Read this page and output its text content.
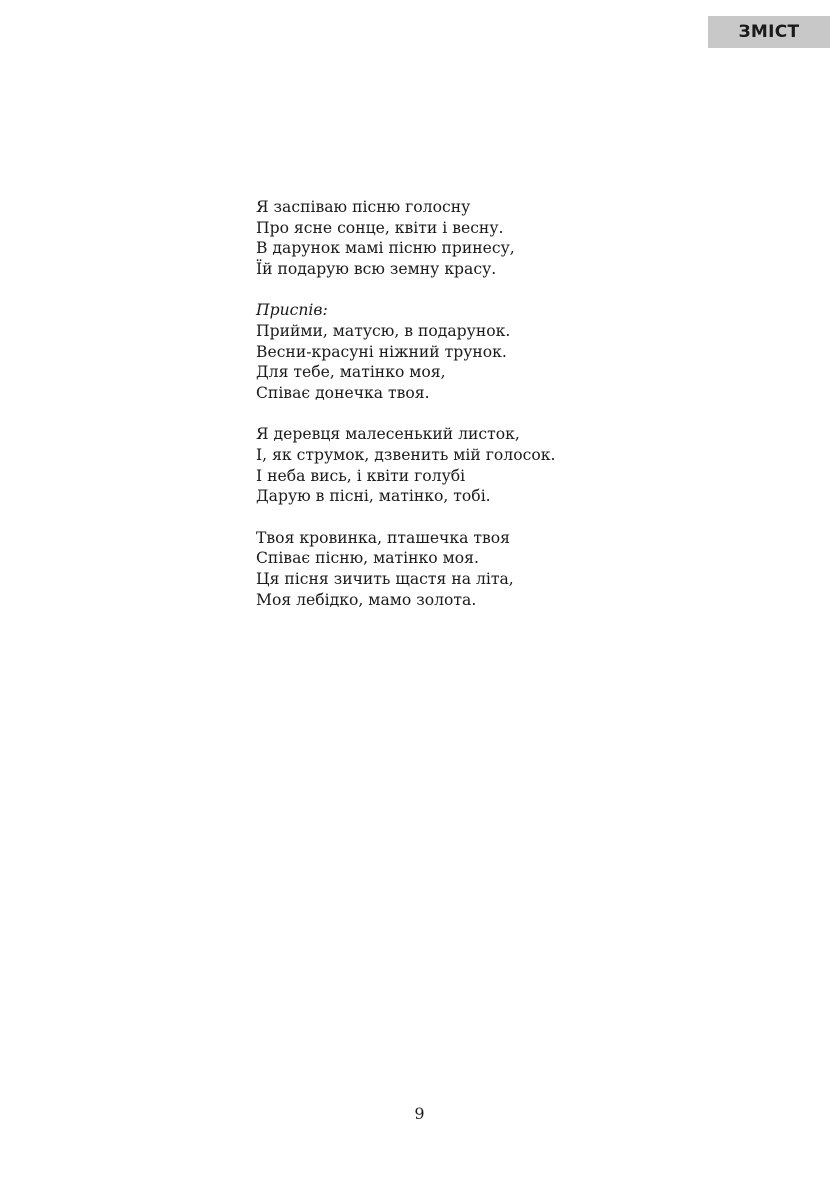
ЗМІСТ
Я заспіваю пісню голосну
Про ясне сонце, квіти і весну.
В дарунок мамі пісню принесу,
Їй подарую всю земну красу.
Приспів:
Прийми, матусю, в подарунок.
Весни-красуні ніжний трунок.
Для тебе, матінко моя,
Співає донечка твоя.
Я деревця малесенький листок,
І, як струмок, дзвенить мій голосок.
І неба вись, і квіти голубі
Дарую в пісні, матінко, тобі.
Твоя кровинка, пташечка твоя
Співає пісню, матінко моя.
Ця пісня зичить щастя на літа,
Моя лебідко, мамо золота.
9
